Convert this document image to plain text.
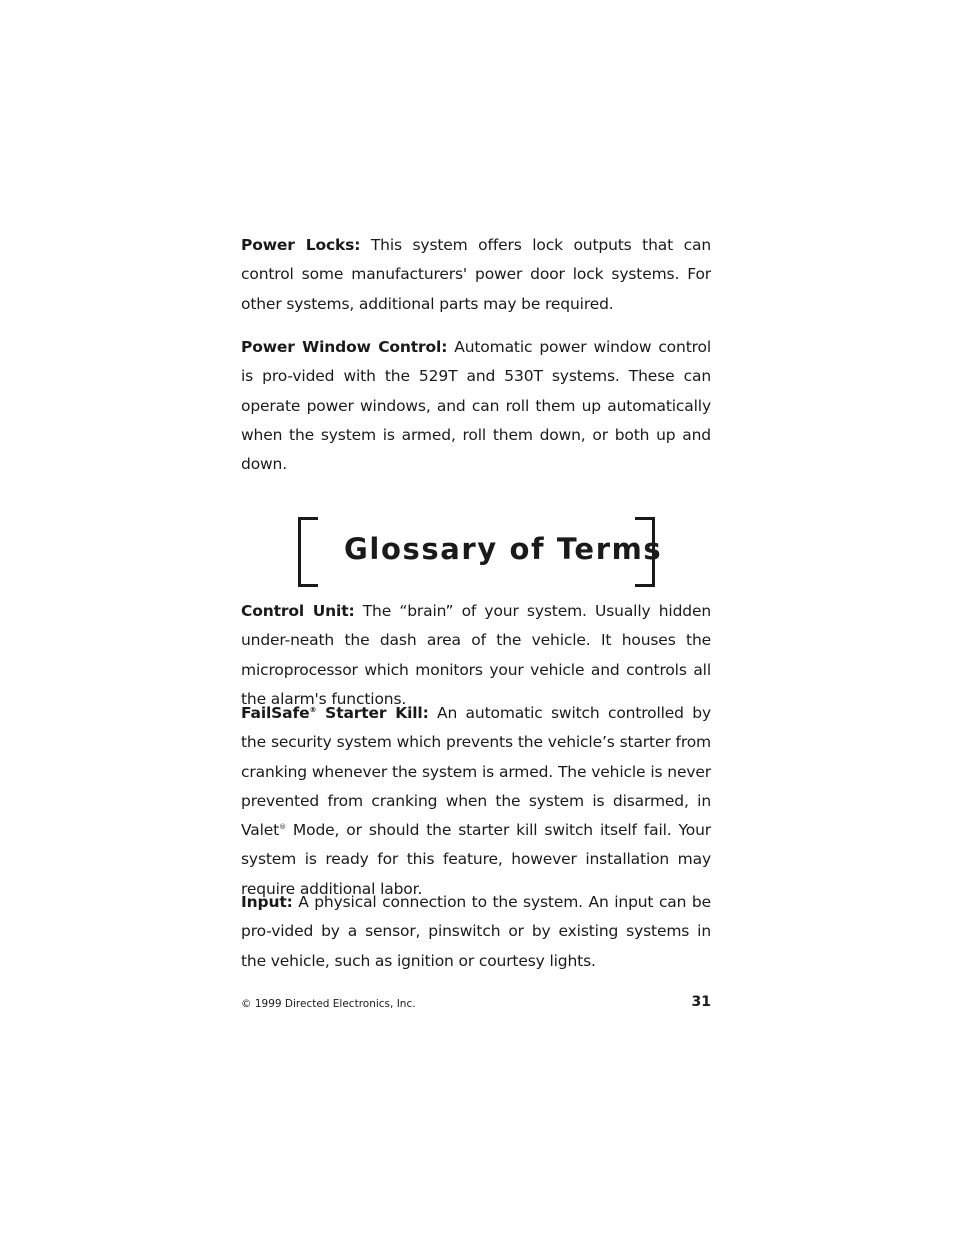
Power Locks: This system offers lock outputs that can control some manufacturers' power door lock systems. For other systems, additional parts may be required.

Power Window Control: Automatic power window control is pro-vided with the 529T and 530T systems. These can operate power windows, and can roll them up automatically when the system is armed, roll them down, or both up and down.

Glossary of Terms

Control Unit: The “brain” of your system. Usually hidden under-neath the dash area of the vehicle. It houses the microprocessor which monitors your vehicle and controls all the alarm's functions.

FailSafe® Starter Kill: An automatic switch controlled by the security system which prevents the vehicle’s starter from cranking whenever the system is armed. The vehicle is never prevented from cranking when the system is disarmed, in Valet® Mode, or should the starter kill switch itself fail. Your system is ready for this feature, however installation may require additional labor.

Input: A physical connection to the system. An input can be pro-vided by a sensor, pinswitch or by existing systems in the vehicle, such as ignition or courtesy lights.

© 1999 Directed Electronics, Inc.	31
